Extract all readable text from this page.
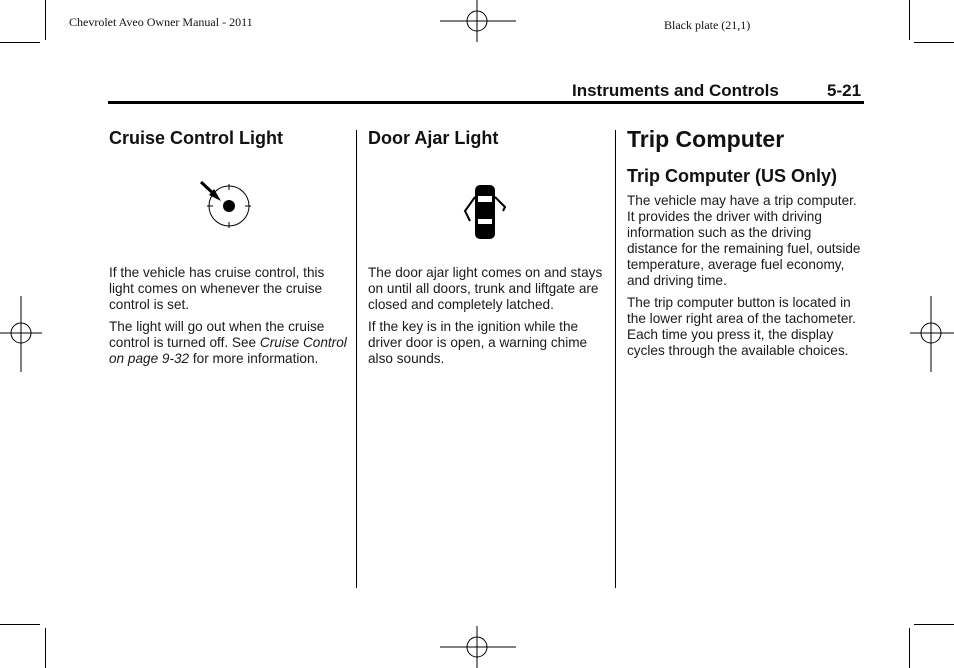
Chevrolet Aveo Owner Manual - 2011	Black plate (21,1)
Instruments and Controls	5-21
Cruise Control Light

If the vehicle has cruise control, this light comes on whenever the cruise control is set.

The light will go out when the cruise control is turned off. See Cruise Control on page 9-32 for more information.

Door Ajar Light

The door ajar light comes on and stays on until all doors, trunk and liftgate are closed and completely latched.

If the key is in the ignition while the driver door is open, a warning chime also sounds.

Trip Computer
Trip Computer (US Only)

The vehicle may have a trip computer. It provides the driver with driving information such as the driving distance for the remaining fuel, outside temperature, average fuel economy, and driving time.

The trip computer button is located in the lower right area of the tachometer. Each time you press it, the display cycles through the available choices.
